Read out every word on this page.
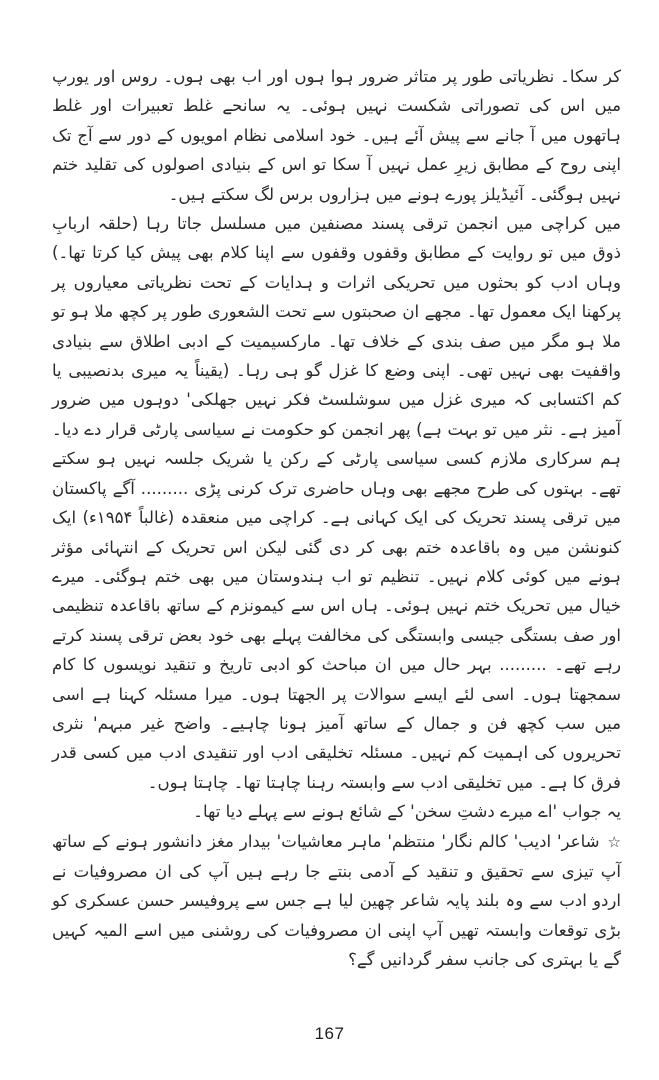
کر سکا۔ نظریاتی طور پر متاثر ضرور ہوا ہوں اور اب بھی ہوں۔ روس اور یورپ میں اس کی تصوراتی شکست نہیں ہوئی۔ یہ سانحے غلط تعبیرات اور غلط ہاتھوں میں آ جانے سے پیش آئے ہیں۔ خود اسلامی نظام امویوں کے دور سے آج تک اپنی روح کے مطابق زیرِ عمل نہیں آ سکا تو اس کے بنیادی اصولوں کی تقلید ختم نہیں ہوگئی۔ آئیڈیلز پورے ہونے میں ہزاروں برس لگ سکتے ہیں۔

میں کراچی میں انجمن ترقی پسند مصنفین میں مسلسل جاتا رہا (حلقہ اربابِ ذوق میں تو روایت کے مطابق وقفوں وقفوں سے اپنا کلام بھی پیش کیا کرتا تھا۔) وہاں ادب کو بحثوں میں تحریکی اثرات و ہدایات کے تحت نظریاتی معیاروں پر پرکھنا ایک معمول تھا۔ مجھے ان صحبتوں سے تحت الشعوری طور پر کچھ ملا ہو تو ملا ہو مگر میں صف بندی کے خلاف تھا۔ مارکسیمیت کے ادبی اطلاق سے بنیادی واقفیت بھی نہیں تھی۔ اپنی وضع کا غزل گو ہی رہا۔ (یقیناً یہ میری بدنصیبی یا کم اکتسابی کہ میری غزل میں سوشلسٹ فکر نہیں جھلکی' دوہوں میں ضرور آمیز ہے۔ نثر میں تو بہت ہے) پھر انجمن کو حکومت نے سیاسی پارٹی قرار دے دیا۔ ہم سرکاری ملازم کسی سیاسی پارٹی کے رکن یا شریک جلسہ نہیں ہو سکتے تھے۔ بہتوں کی طرح مجھے بھی وہاں حاضری ترک کرنی پڑی ......... آگے پاکستان میں ترقی پسند تحریک کی ایک کہانی ہے۔ کراچی میں منعقدہ (غالباً ۱۹۵۴ء) ایک کنونشن میں وہ باقاعدہ ختم بھی کر دی گئی لیکن اس تحریک کے انتہائی مؤثر ہونے میں کوئی کلام نہیں۔ تنظیم تو اب ہندوستان میں بھی ختم ہوگئی۔ میرے خیال میں تحریک ختم نہیں ہوئی۔ ہاں اس سے کیمونزم کے ساتھ باقاعدہ تنظیمی اور صف بستگی جیسی وابستگی کی مخالفت پہلے بھی خود بعض ترقی پسند کرتے رہے تھے۔ ......... بہر حال میں ان مباحث کو ادبی تاریخ و تنقید نویسوں کا کام سمجھتا ہوں۔ اسی لئے ایسے سوالات پر الجھتا ہوں۔ میرا مسئلہ کہنا ہے اسی میں سب کچھ فن و جمال کے ساتھ آمیز ہونا چاہیے۔ واضح غیر مبہم' نثری تحریروں کی اہمیت کم نہیں۔ مسئلہ تخلیقی ادب اور تنقیدی ادب میں کسی قدر فرق کا ہے۔ میں تخلیقی ادب سے وابستہ رہنا چاہتا تھا۔ چاہتا ہوں۔

یہ جواب 'اے میرے دشتِ سخن' کے شائع ہونے سے پہلے دیا تھا۔

☆شاعر' ادیب' کالم نگار' منتظم' ماہر معاشیات' بیدار مغز دانشور ہونے کے ساتھ آپ تیزی سے تحقیق و تنقید کے آدمی بنتے جا رہے ہیں آپ کی ان مصروفیات نے اردو ادب سے وہ بلند پایہ شاعر چھین لیا ہے جس سے پروفیسر حسن عسکری کو بڑی توقعات وابستہ تھیں آپ اپنی ان مصروفیات کی روشنی میں اسے المیہ کہیں گے یا بہتری کی جانب سفر گردانیں گے؟

167
